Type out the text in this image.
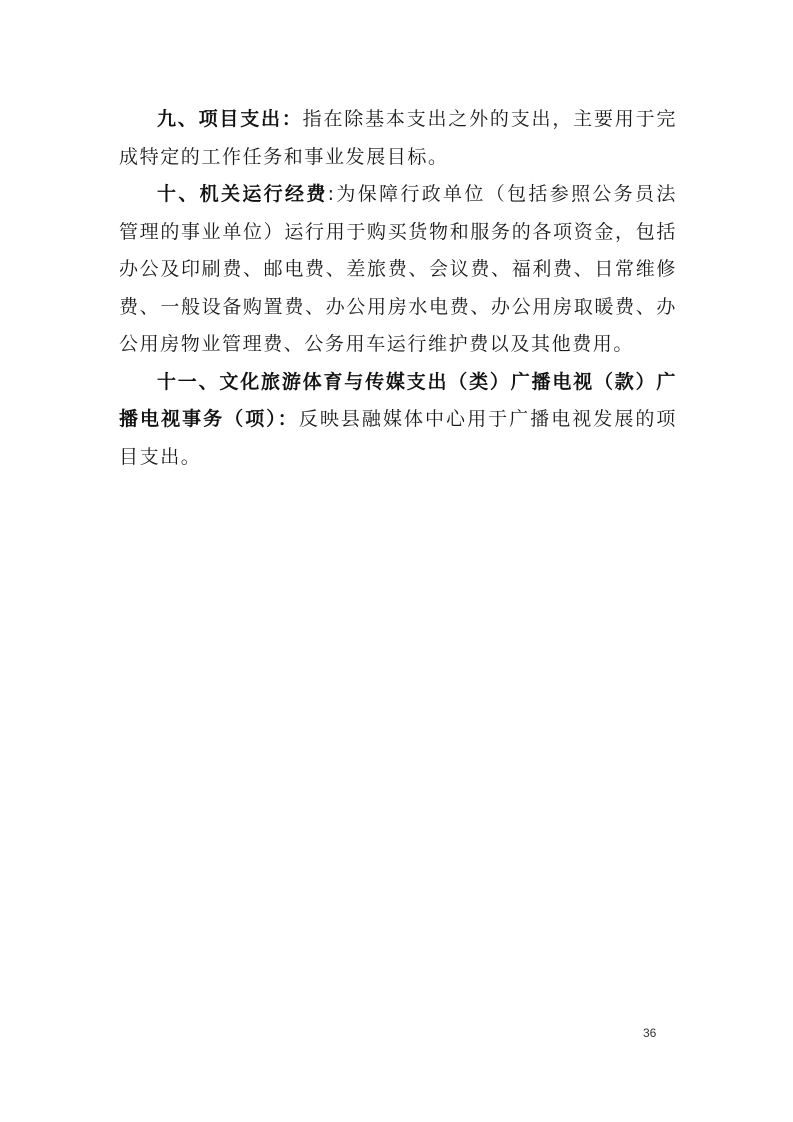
九、项目支出：指在除基本支出之外的支出，主要用于完成特定的工作任务和事业发展目标。

十、机关运行经费:为保障行政单位（包括参照公务员法管理的事业单位）运行用于购买货物和服务的各项资金，包括办公及印刷费、邮电费、差旅费、会议费、福利费、日常维修费、一般设备购置费、办公用房水电费、办公用房取暖费、办公用房物业管理费、公务用车运行维护费以及其他费用。

十一、文化旅游体育与传媒支出（类）广播电视（款）广播电视事务（项）：反映县融媒体中心用于广播电视发展的项目支出。

36
